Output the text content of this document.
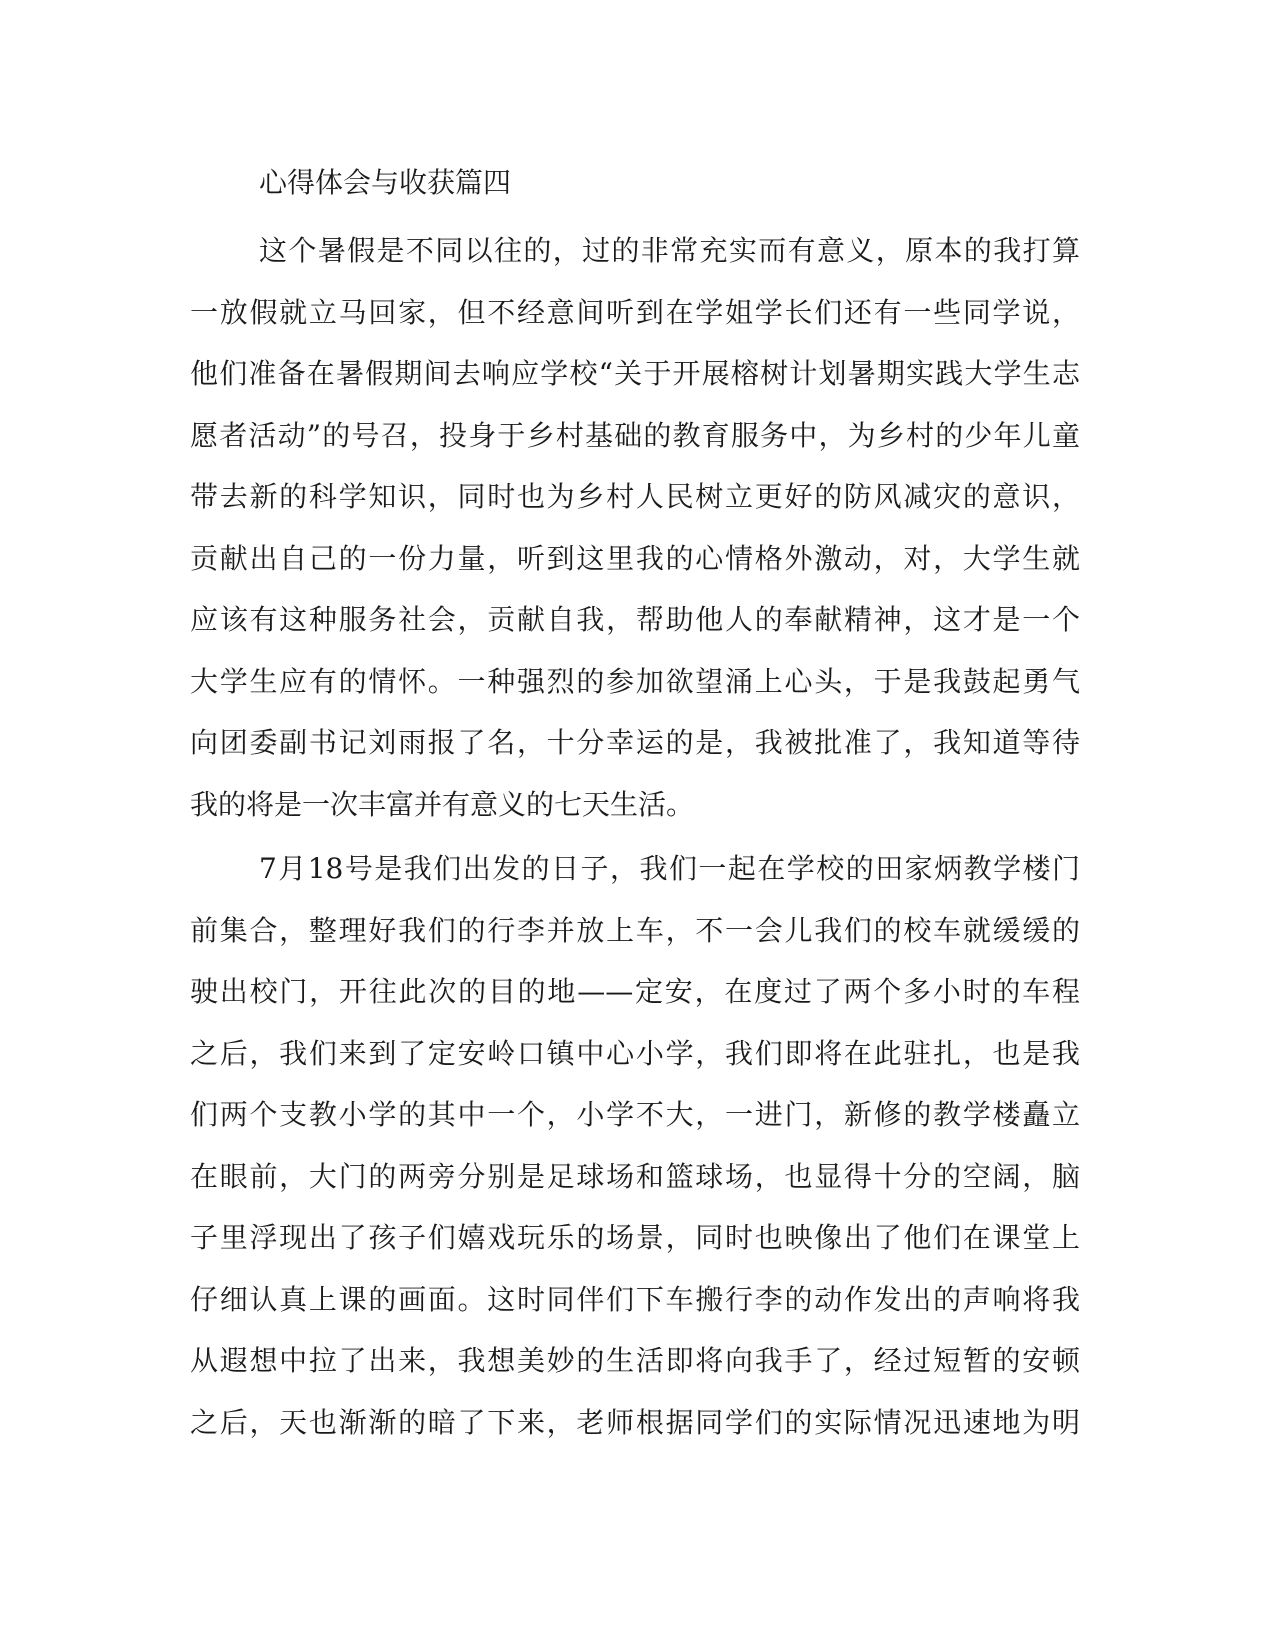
心得体会与收获篇四
这个暑假是不同以往的，过的非常充实而有意义，原本的我打算
一放假就立马回家，但不经意间听到在学姐学长们还有一些同学说，
他们准备在暑假期间去响应学校“关于开展榕树计划暑期实践大学生志
愿者活动”的号召，投身于乡村基础的教育服务中，为乡村的少年儿童
带去新的科学知识，同时也为乡村人民树立更好的防风减灾的意识，
贡献出自己的一份力量，听到这里我的心情格外激动，对，大学生就
应该有这种服务社会，贡献自我，帮助他人的奉献精神，这才是一个
大学生应有的情怀。一种强烈的参加欲望涌上心头，于是我鼓起勇气
向团委副书记刘雨报了名，十分幸运的是，我被批准了，我知道等待
我的将是一次丰富并有意义的七天生活。
7月18号是我们出发的日子，我们一起在学校的田家炳教学楼门
前集合，整理好我们的行李并放上车，不一会儿我们的校车就缓缓的
驶出校门，开往此次的目的地——定安，在度过了两个多小时的车程
之后，我们来到了定安岭口镇中心小学，我们即将在此驻扎，也是我
们两个支教小学的其中一个，小学不大，一进门，新修的教学楼矗立
在眼前，大门的两旁分别是足球场和篮球场，也显得十分的空阔，脑
子里浮现出了孩子们嬉戏玩乐的场景，同时也映像出了他们在课堂上
仔细认真上课的画面。这时同伴们下车搬行李的动作发出的声响将我
从遐想中拉了出来，我想美妙的生活即将向我手了，经过短暂的安顿
之后，天也渐渐的暗了下来，老师根据同学们的实际情况迅速地为明
